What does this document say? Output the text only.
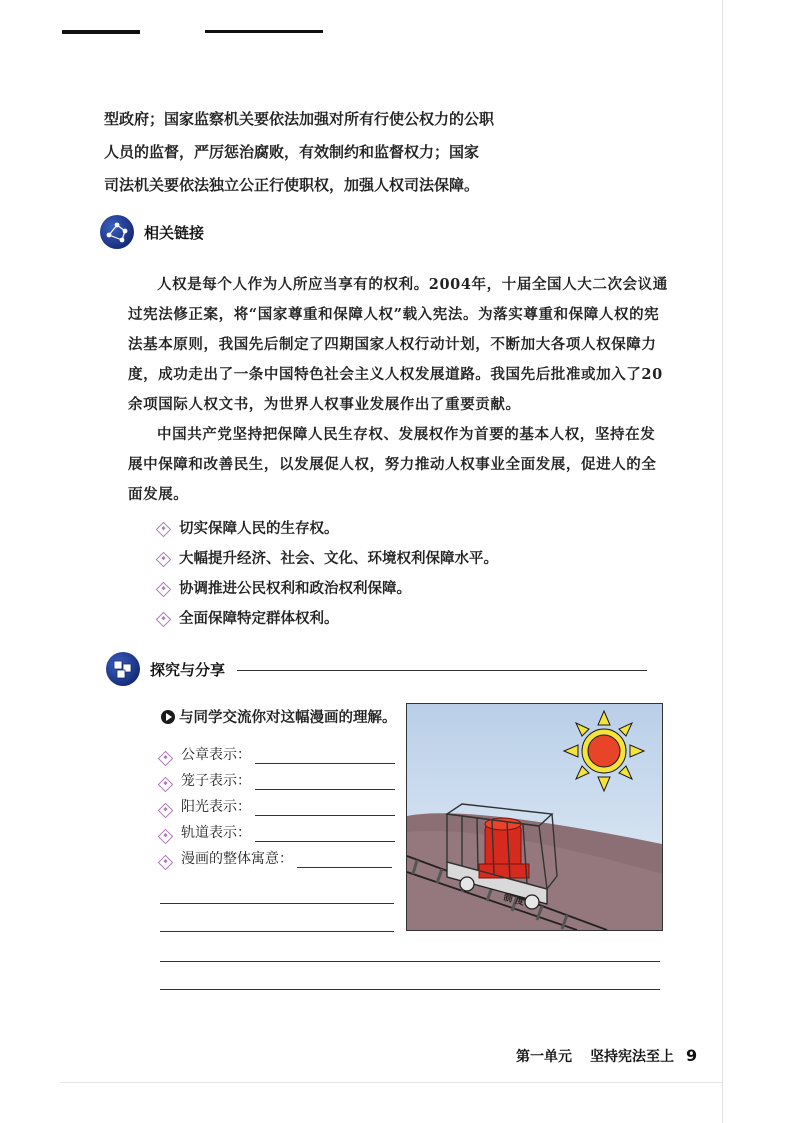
型政府；国家监察机关要依法加强对所有行使公权力的公职

人员的监督，严厉惩治腐败，有效制约和监督权力；国家

司法机关要依法独立公正行使职权，加强人权司法保障。

相关链接

人权是每个人作为人所应当享有的权利。2004年，十届全国人大二次会议通过宪法修正案，将“国家尊重和保障人权”载入宪法。为落实尊重和保障人权的宪法基本原则，我国先后制定了四期国家人权行动计划，不断加大各项人权保障力度，成功走出了一条中国特色社会主义人权发展道路。我国先后批准或加入了20余项国际人权文书，为世界人权事业发展作出了重要贡献。

中国共产党坚持把保障人民生存权、发展权作为首要的基本人权，坚持在发展中保障和改善民生，以发展促人权，努力推动人权事业全面发展，促进人的全面发展。

切实保障人民的生存权。
大幅提升经济、社会、文化、环境权利保障水平。
协调推进公民权利和政治权利保障。
全面保障特定群体权利。
探究与分享
与同学交流你对这幅漫画的理解。
公章表示：
笼子表示：
阳光表示：
轨道表示：
漫画的整体寓意：
制 度
第一单元 坚持宪法至上 9
